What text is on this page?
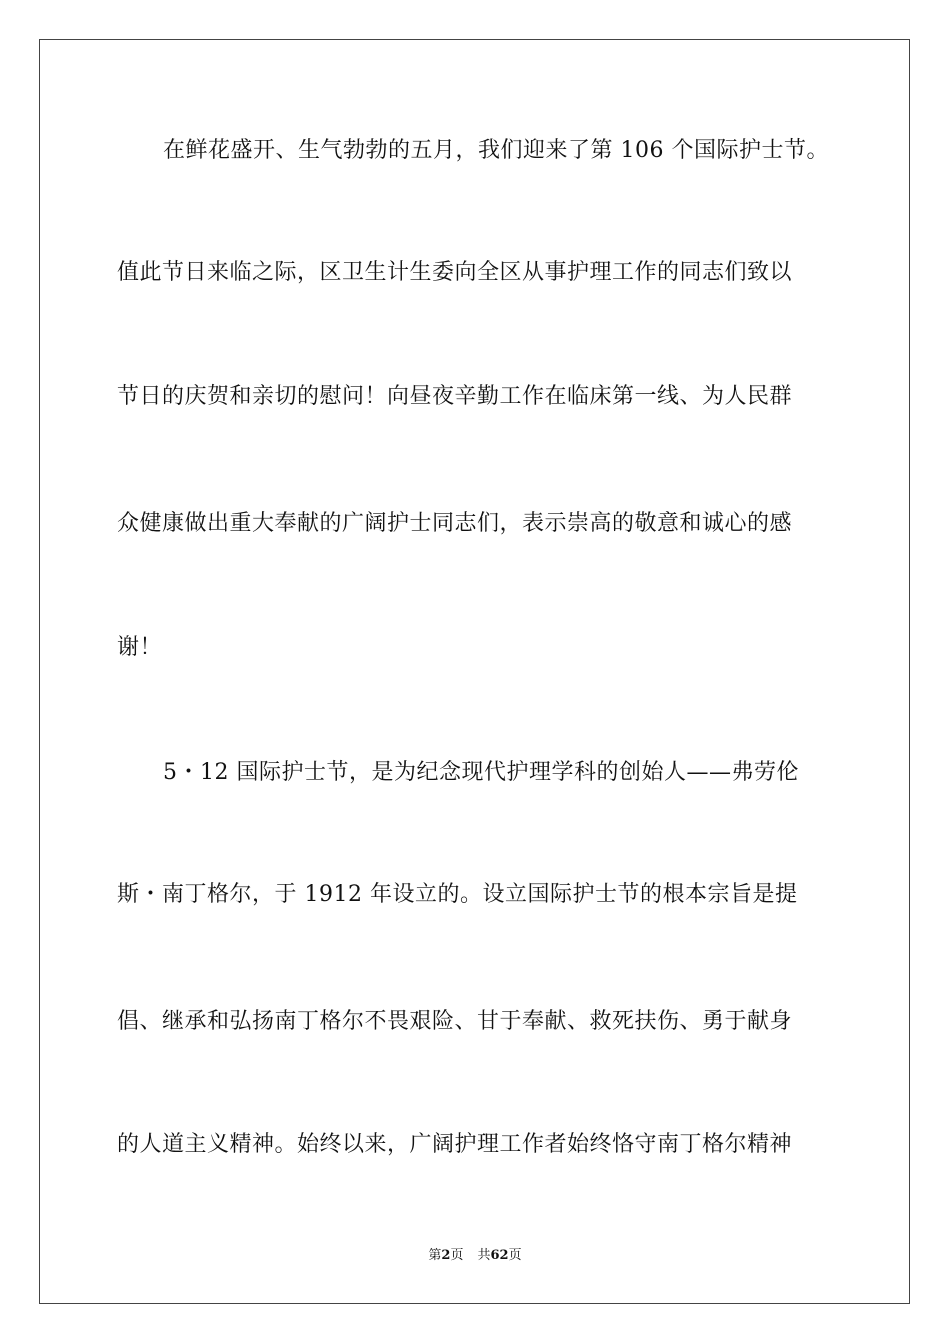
在鲜花盛开、生气勃勃的五月，我们迎来了第 106 个国际护士节。
值此节日来临之际，区卫生计生委向全区从事护理工作的同志们致以
节日的庆贺和亲切的慰问！向昼夜辛勤工作在临床第一线、为人民群
众健康做出重大奉献的广阔护士同志们，表示崇高的敬意和诚心的感
谢！
5・12 国际护士节，是为纪念现代护理学科的创始人——弗劳伦
斯・南丁格尔，于 1912 年设立的。设立国际护士节的根本宗旨是提
倡、继承和弘扬南丁格尔不畏艰险、甘于奉献、救死扶伤、勇于献身
的人道主义精神。始终以来，广阔护理工作者始终恪守南丁格尔精神
第2页 共62页
